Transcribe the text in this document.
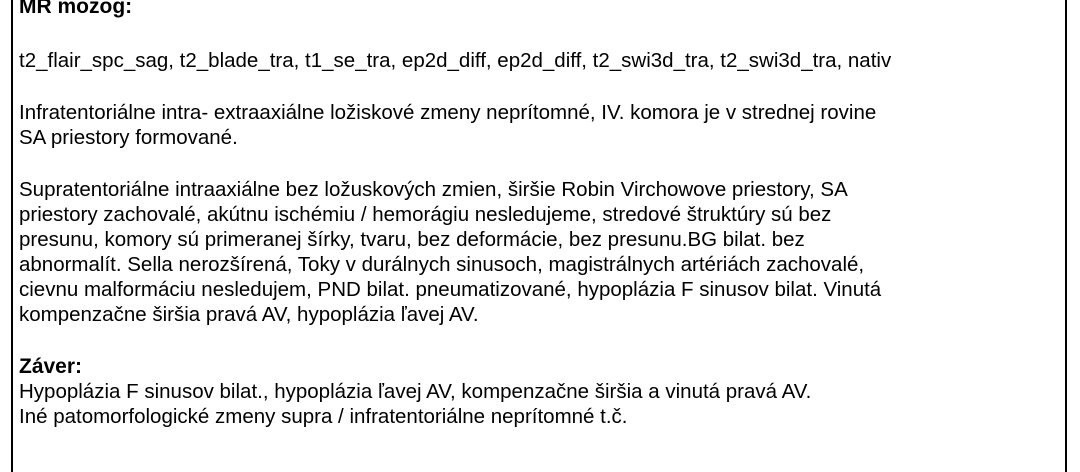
MR mozog:

t2_flair_spc_sag, t2_blade_tra, t1_se_tra, ep2d_diff, ep2d_diff, t2_swi3d_tra, t2_swi3d_tra, nativ

Infratentoriálne intra- extraaxiálne ložiskové zmeny neprítomné, IV. komora je v strednej rovine

SA priestory formované.

Supratentoriálne intraaxiálne bez ložuskových zmien, širšie Robin Virchowove priestory, SA

priestory zachovalé, akútnu ischémiu / hemorágiu nesledujeme, stredové štruktúry sú bez

presunu, komory sú primeranej šírky, tvaru, bez deformácie, bez presunu.BG bilat. bez

abnormalít. Sella nerozšírená, Toky v durálnych sinusoch, magistrálnych artériách zachovalé,

cievnu malformáciu nesledujem, PND bilat. pneumatizované, hypoplázia F sinusov bilat. Vinutá

kompenzačne širšia pravá AV, hypoplázia ľavej AV.

Záver:

Hypoplázia F sinusov bilat., hypoplázia ľavej AV, kompenzačne širšia a vinutá pravá AV.

Iné patomorfologické zmeny supra / infratentoriálne neprítomné t.č.
